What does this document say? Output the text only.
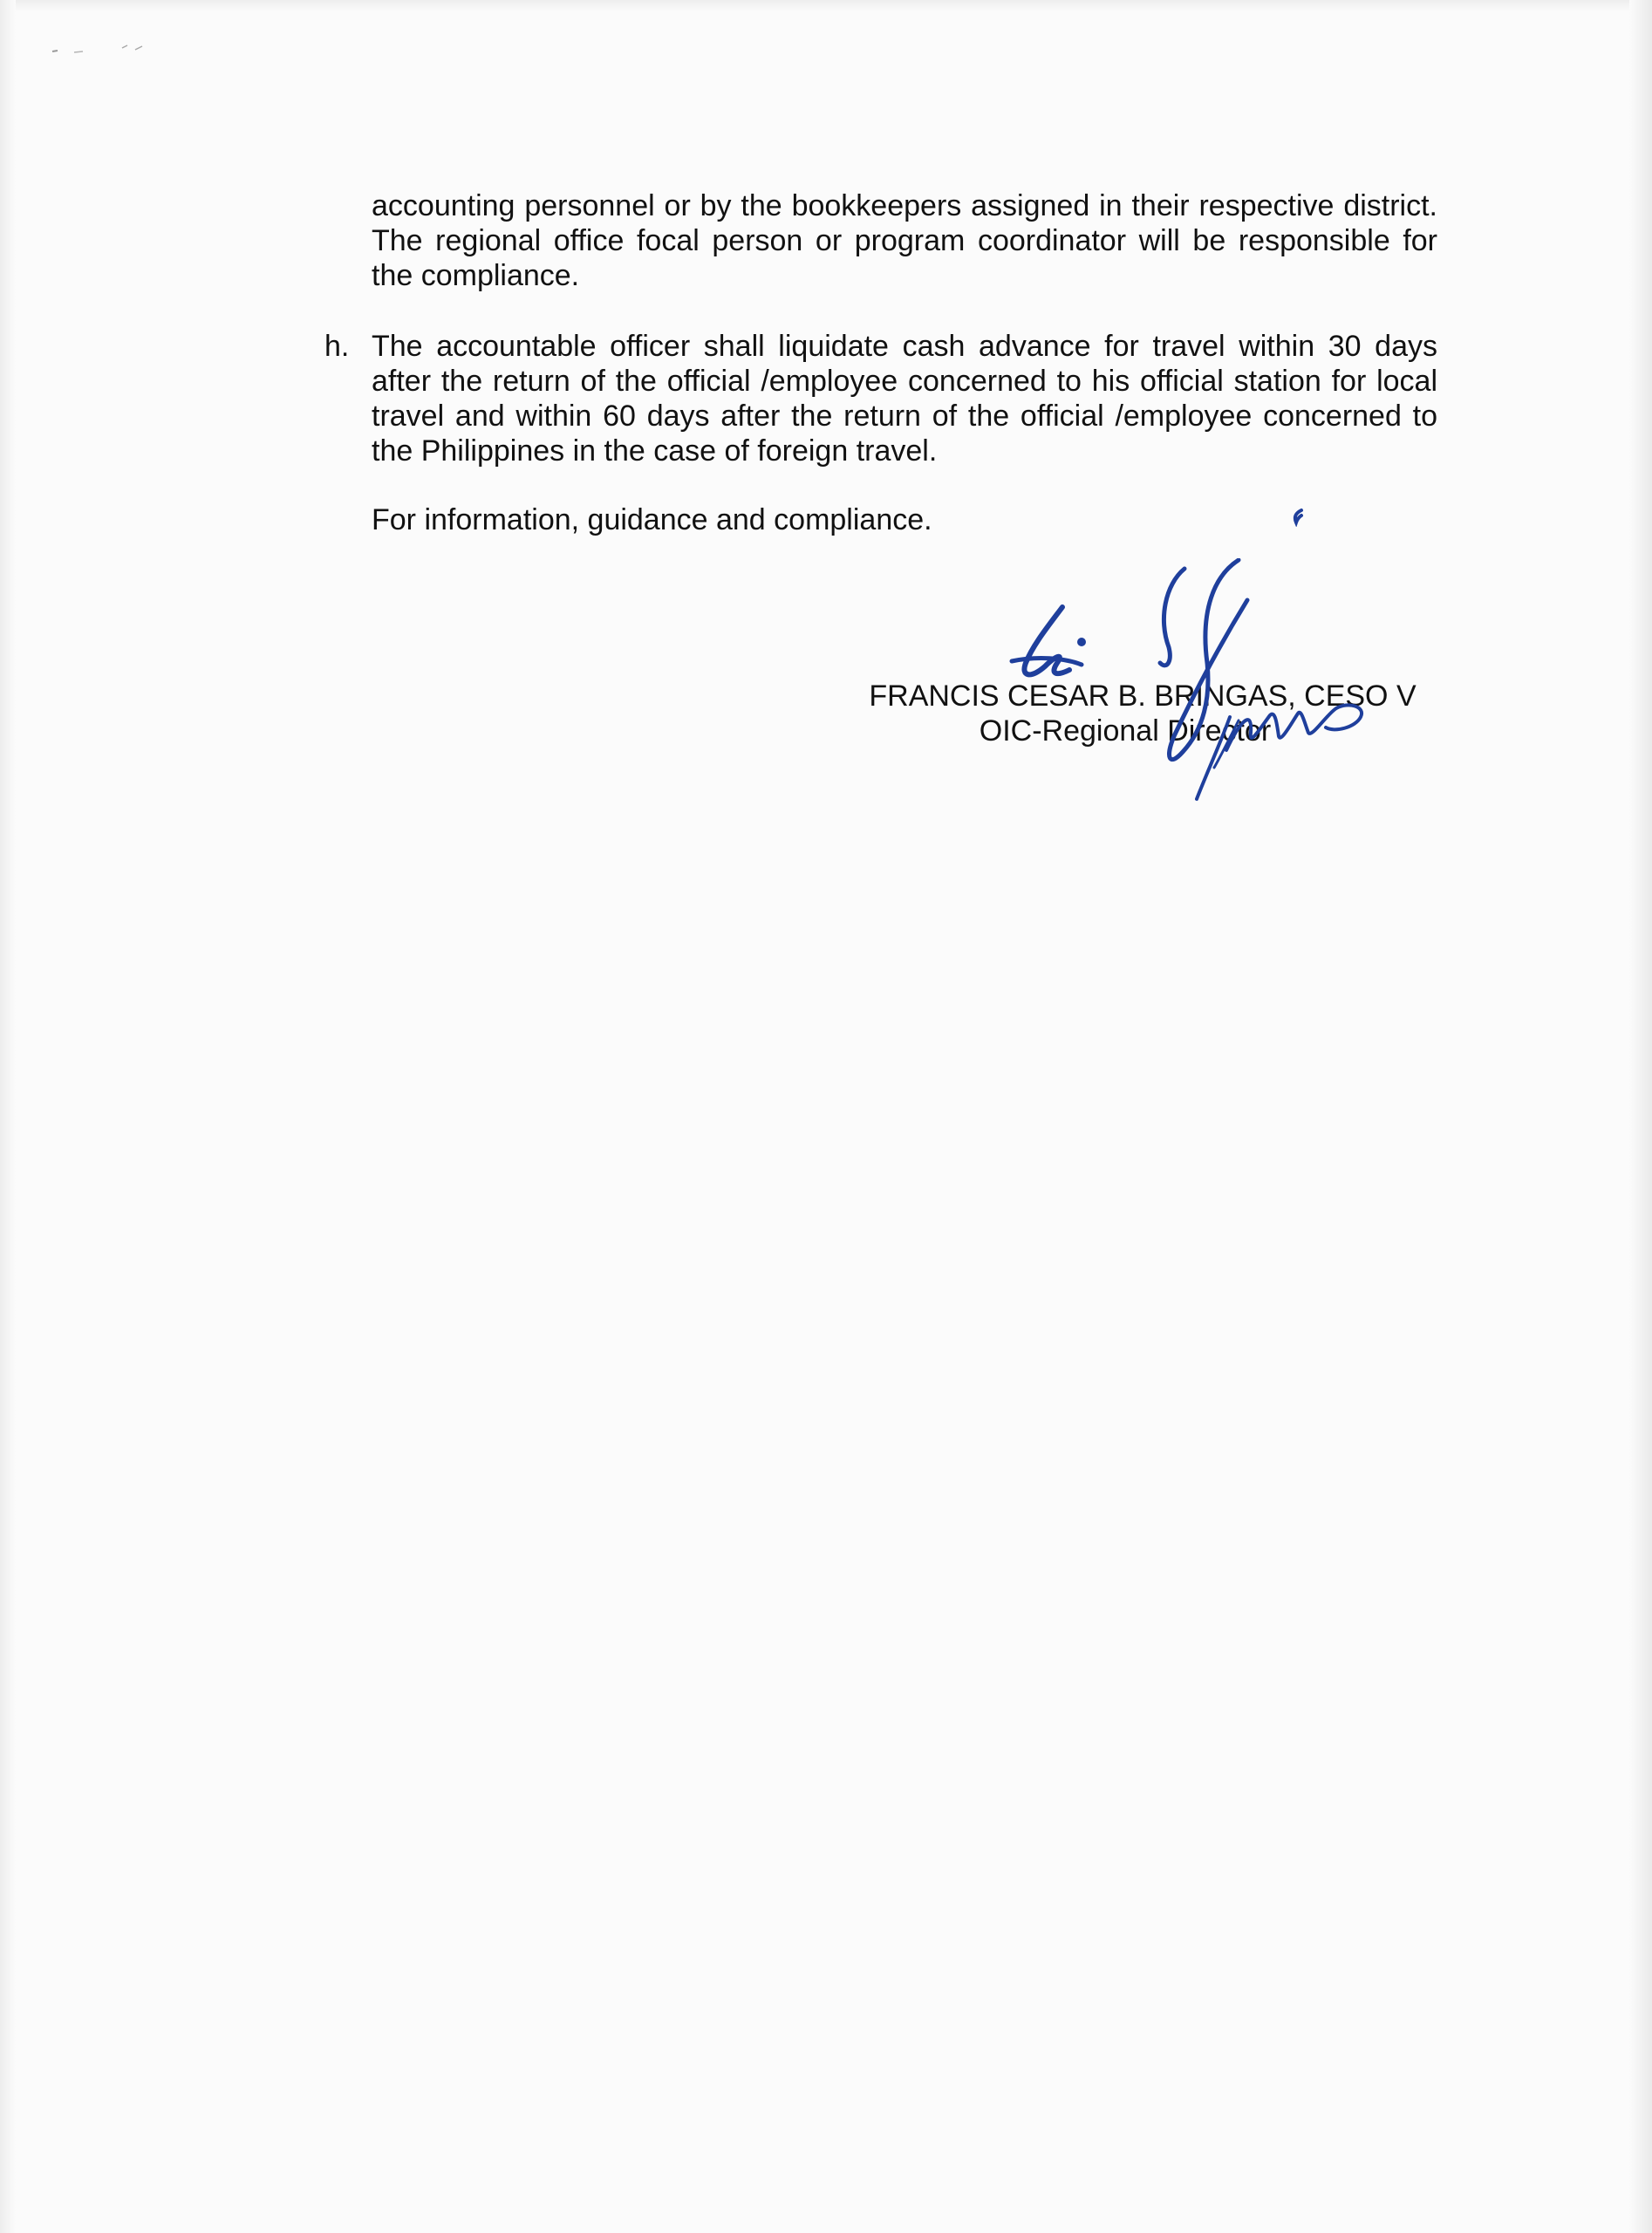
accounting personnel or by the bookkeepers assigned in their respective district. The regional office focal person or program coordinator will be responsible for the compliance.

h. The accountable officer shall liquidate cash advance for travel within 30 days after the return of the official /employee concerned to his official station for local travel and within 60 days after the return of the official /employee concerned to the Philippines in the case of foreign travel.

For information, guidance and compliance.
FRANCIS CESAR B. BRINGAS, CESO V
OIC-Regional Director
